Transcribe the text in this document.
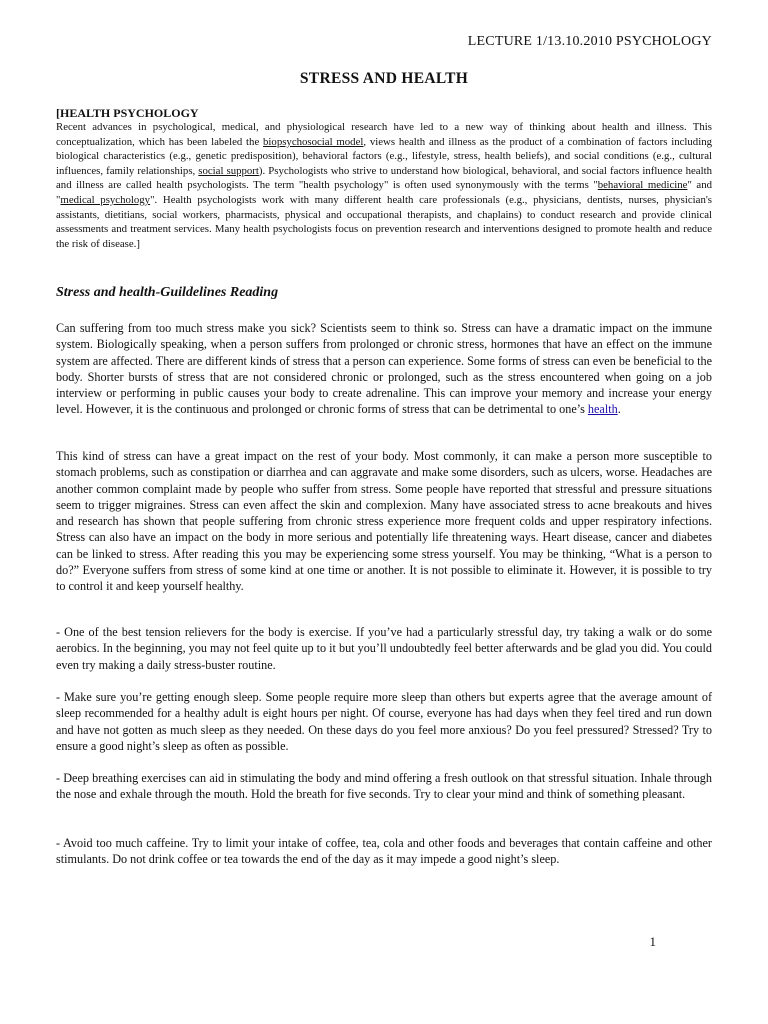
LECTURE 1/13.10.2010 PSYCHOLOGY
STRESS AND HEALTH
[HEALTH PSYCHOLOGY

Recent advances in psychological, medical, and physiological research have led to a new way of thinking about health and illness. This conceptualization, which has been labeled the biopsychosocial model, views health and illness as the product of a combination of factors including biological characteristics (e.g., genetic predisposition), behavioral factors (e.g., lifestyle, stress, health beliefs), and social conditions (e.g., cultural influences, family relationships, social support). Psychologists who strive to understand how biological, behavioral, and social factors influence health and illness are called health psychologists. The term "health psychology" is often used synonymously with the terms "behavioral medicine" and "medical psychology". Health psychologists work with many different health care professionals (e.g., physicians, dentists, nurses, physician's assistants, dietitians, social workers, pharmacists, physical and occupational therapists, and chaplains) to conduct research and provide clinical assessments and treatment services. Many health psychologists focus on prevention research and interventions designed to promote health and reduce the risk of disease.]

Stress and health-Guildelines Reading

Can suffering from too much stress make you sick? Scientists seem to think so. Stress can have a dramatic impact on the immune system. Biologically speaking, when a person suffers from prolonged or chronic stress, hormones that have an effect on the immune system are affected. There are different kinds of stress that a person can experience. Some forms of stress can even be beneficial to the body. Shorter bursts of stress that are not considered chronic or prolonged, such as the stress encountered when going on a job interview or performing in public causes your body to create adrenaline. This can improve your memory and increase your energy level. However, it is the continuous and prolonged or chronic forms of stress that can be detrimental to one’s health.

This kind of stress can have a great impact on the rest of your body. Most commonly, it can make a person more susceptible to stomach problems, such as constipation or diarrhea and can aggravate and make some disorders, such as ulcers, worse. Headaches are another common complaint made by people who suffer from stress. Some people have reported that stressful and pressure situations seem to trigger migraines. Stress can even affect the skin and complexion. Many have associated stress to acne breakouts and hives and research has shown that people suffering from chronic stress experience more frequent colds and upper respiratory infections. Stress can also have an impact on the body in more serious and potentially life threatening ways. Heart disease, cancer and diabetes can be linked to stress. After reading this you may be experiencing some stress yourself. You may be thinking, “What is a person to do?” Everyone suffers from stress of some kind at one time or another. It is not possible to eliminate it. However, it is possible to try to control it and keep yourself healthy.

- One of the best tension relievers for the body is exercise. If you’ve had a particularly stressful day, try taking a walk or do some aerobics. In the beginning, you may not feel quite up to it but you’ll undoubtedly feel better afterwards and be glad you did. You could even try making a daily stress-buster routine.

- Make sure you’re getting enough sleep. Some people require more sleep than others but experts agree that the average amount of sleep recommended for a healthy adult is eight hours per night. Of course, everyone has had days when they feel tired and run down and have not gotten as much sleep as they needed. On these days do you feel more anxious? Do you feel pressured? Stressed? Try to ensure a good night’s sleep as often as possible.

- Deep breathing exercises can aid in stimulating the body and mind offering a fresh outlook on that stressful situation. Inhale through the nose and exhale through the mouth. Hold the breath for five seconds. Try to clear your mind and think of something pleasant.

- Avoid too much caffeine. Try to limit your intake of coffee, tea, cola and other foods and beverages that contain caffeine and other stimulants. Do not drink coffee or tea towards the end of the day as it may impede a good night’s sleep.

1
